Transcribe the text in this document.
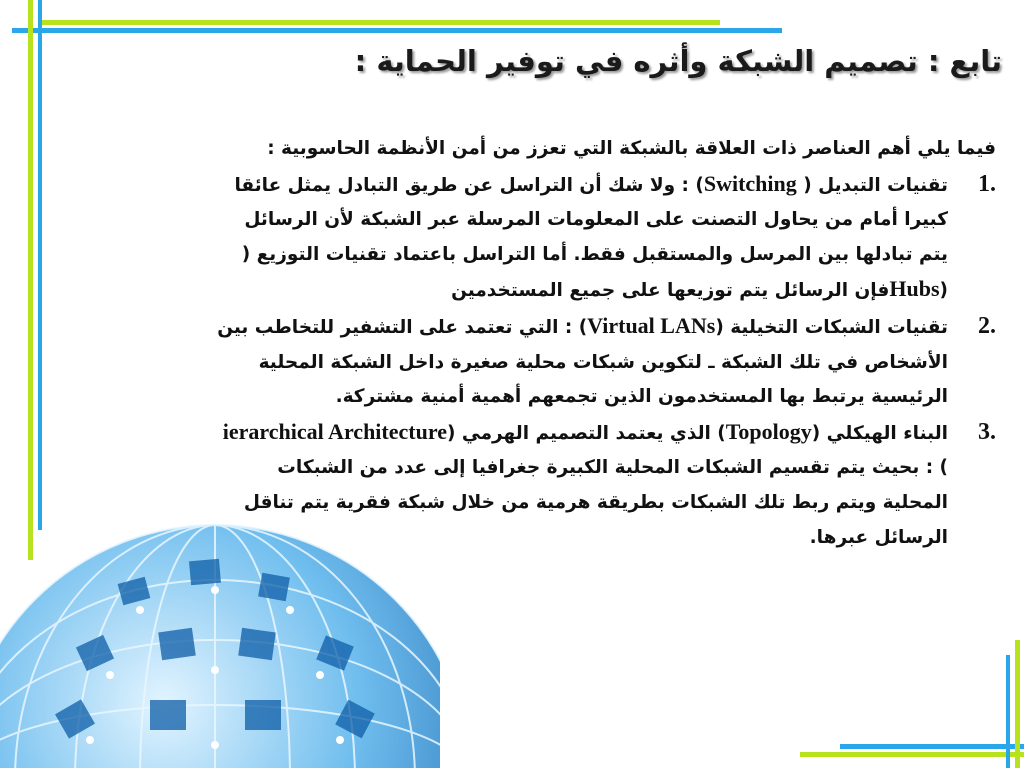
تابع : تصميم الشبكة وأثره في توفير الحماية :

فيما يلي أهم العناصر ذات العلاقة بالشبكة التي تعزز من أمن الأنظمة الحاسوبية :

.1
تقنيات التبديل ( Switching) : ولا شك أن التراسل عن طريق التبادل يمثل عائقا كبيرا أمام من يحاول التصنت على المعلومات المرسلة عبر الشبكة لأن الرسائل يتم تبادلها بين المرسل والمستقبل فقط. أما التراسل باعتماد تقنيات التوزيع ( (Hubsفإن الرسائل يتم توزيعها على جميع المستخدمين

.2
تقنيات الشبكات التخيلية (Virtual LANs) : التي تعتمد على التشفير للتخاطب بين الأشخاص في تلك الشبكة ـ لتكوين شبكات محلية صغيرة داخل الشبكة المحلية الرئيسية يرتبط بها المستخدمون الذين تجمعهم أهمية أمنية مشتركة.

.3
البناء الهيكلي (Topology) الذي يعتمد التصميم الهرمي (ierarchical Architecture ) : بحيث يتم تقسيم الشبكات المحلية الكبيرة جغرافيا إلى عدد من الشبكات المحلية ويتم ربط تلك الشبكات بطريقة هرمية من خلال شبكة فقرية يتم تناقل الرسائل عبرها.
